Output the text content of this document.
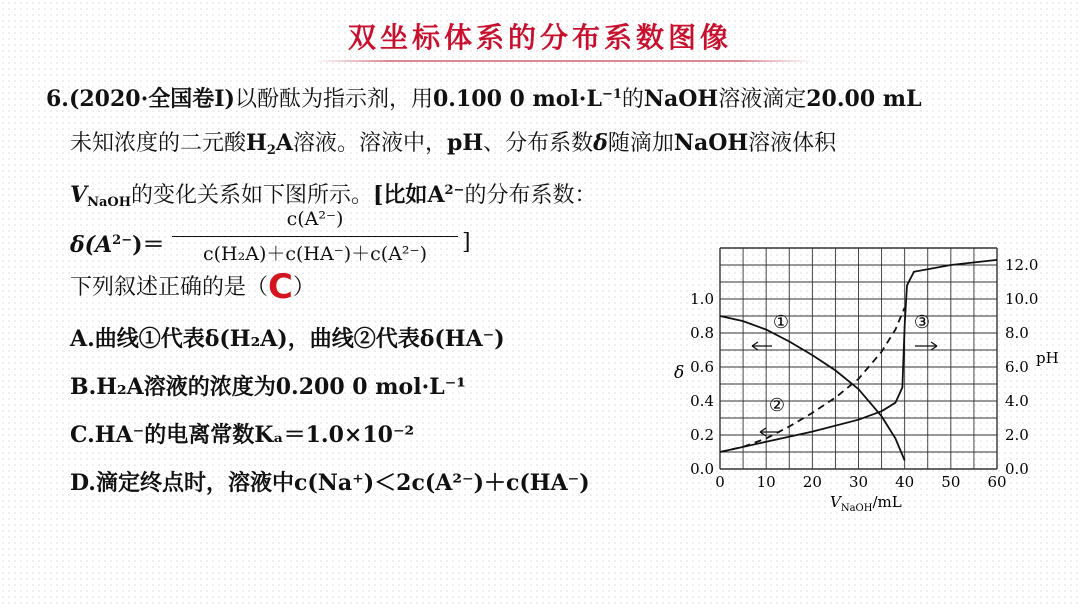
双坐标体系的分布系数图像
6.(2020·全国卷Ⅰ)以酚酞为指示剂，用0.100 0 $mol\cdot L^{-1}$的NaOH溶液滴定20.00 mL
未知浓度的二元酸$H_2A$溶液。溶液中，pH、分布系数δ随滴加NaOH溶液体积
$V_{NaOH}$的变化关系如下图所示。[比如$A^{2-}$的分布系数：
$\delta(A^{2-})=$
c(A²⁻)
c(H₂A)＋c(HA⁻)＋c(A²⁻)	]
下列叙述正确的是（C）
A.曲线①代表δ(H₂A)，曲线②代表δ(HA⁻)
B.H₂A溶液的浓度为0.200 0 mol·L⁻¹
C.HA⁻的电离常数Kₐ＝1.0×10⁻²
D.滴定终点时，溶液中c(Na⁺)＜2c(A²⁻)＋c(HA⁻)
0.0
0.2
0.4
0.6
0.8
1.0
0.0
2.0
4.0
6.0
8.0
10.0
12.0
0 10 20 30 40 50 60
δ
pH
$V_{NaOH}/mL$
①
②
③
